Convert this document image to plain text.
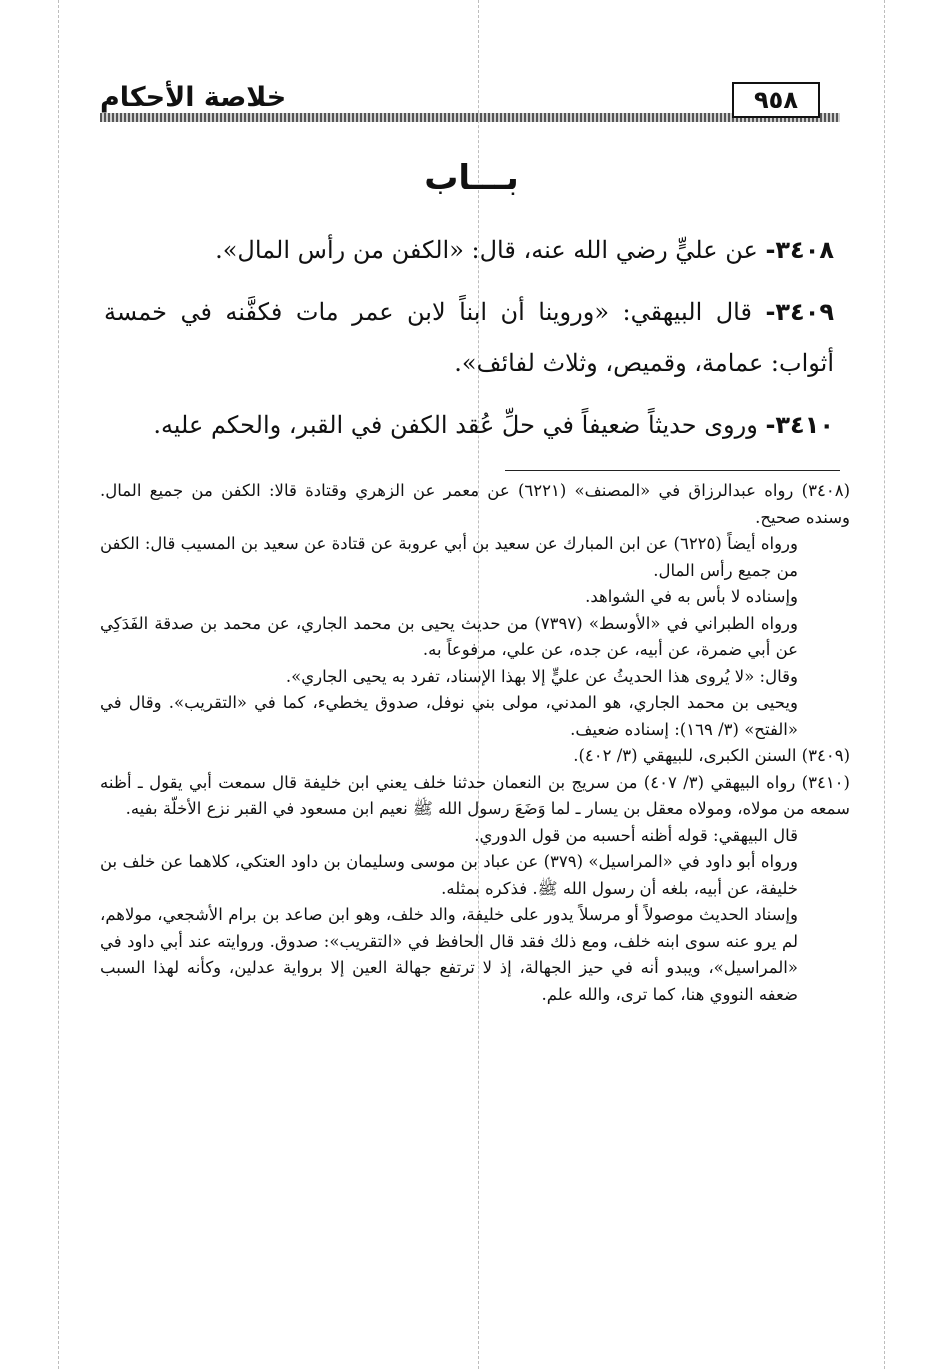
خلاصة الأحكام	٩٥٨
بـــاب

٣٤٠٨- عن عليٍّ رضي الله عنه، قال: «الكفن من رأس المال».

٣٤٠٩- قال البيهقي: «وروينا أن ابناً لابن عمر مات فكفَّنه في خمسة أثواب: عمامة، وقميص، وثلاث لفائف».

٣٤١٠- وروى حديثاً ضعيفاً في حلِّ عُقد الكفن في القبر، والحكم عليه.

(٣٤٠٨) رواه عبدالرزاق في «المصنف» (٦٢٢١) عن معمر عن الزهري وقتادة قالا: الكفن من جميع المال. وسنده صحيح.

ورواه أيضاً (٦٢٢٥) عن ابن المبارك عن سعيد بن أبي عروبة عن قتادة عن سعيد بن المسيب قال: الكفن من جميع رأس المال.

وإسناده لا بأس به في الشواهد.

ورواه الطبراني في «الأوسط» (٧٣٩٧) من حديث يحيى بن محمد الجاري، عن محمد بن صدقة الفَدَكِي عن أبي ضمرة، عن أبيه، عن جده، عن علي، مرفوعاً به.

وقال: «لا يُروى هذا الحديثُ عن عليٍّ إلا بهذا الإسناد، تفرد به يحيى الجاري».

ويحيى بن محمد الجاري، هو المدني، مولى بني نوفل، صدوق يخطيء، كما في «التقريب». وقال في «الفتح» (٣/ ١٦٩): إسناده ضعيف.

(٣٤٠٩) السنن الكبرى، للبيهقي (٣/ ٤٠٢).

(٣٤١٠) رواه البيهقي (٣/ ٤٠٧) من سريج بن النعمان حدثنا خلف يعني ابن خليفة قال سمعت أبي يقول ـ أظنه سمعه من مولاه، ومولاه معقل بن يسار ـ لما وَضَعَ رسول الله ﷺ نعيم ابن مسعود في القبر نزع الأخلّة بفيه.

قال البيهقي: قوله أظنه أحسبه من قول الدوري.

ورواه أبو داود في «المراسيل» (٣٧٩) عن عباد بن موسى وسليمان بن داود العتكي، كلاهما عن خلف بن خليفة، عن أبيه، بلغه أن رسول الله ﷺ. فذكره بمثله.

وإسناد الحديث موصولاً أو مرسلاً يدور على خليفة، والد خلف، وهو ابن صاعد بن برام الأشجعي، مولاهم، لم يرو عنه سوى ابنه خلف، ومع ذلك فقد قال الحافظ في «التقريب»: صدوق. وروايته عند أبي داود في «المراسيل»، ويبدو أنه في حيز الجهالة، إذ لا ترتفع جهالة العين إلا برواية عدلين، وكأنه لهذا السبب ضعفه النووي هنا، كما ترى، والله علم.
